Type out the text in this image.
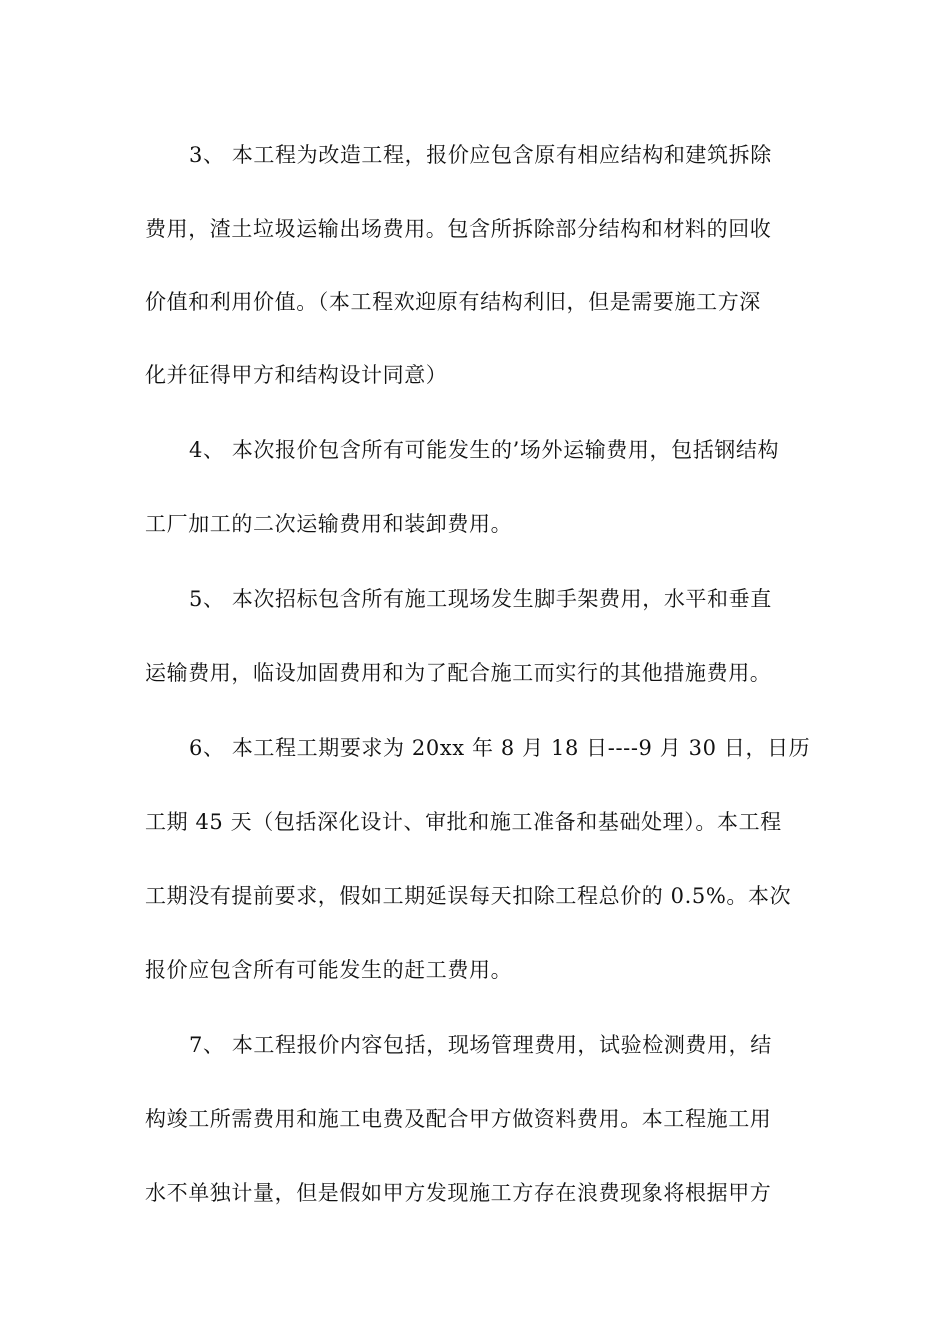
3、 本工程为改造工程，报价应包含原有相应结构和建筑拆除
费用，渣土垃圾运输出场费用。包含所拆除部分结构和材料的回收
价值和利用价值。（本工程欢迎原有结构利旧，但是需要施工方深
化并征得甲方和结构设计同意）
4、 本次报价包含所有可能发生的’场外运输费用，包括钢结构
工厂加工的二次运输费用和装卸费用。
5、 本次招标包含所有施工现场发生脚手架费用，水平和垂直
运输费用，临设加固费用和为了配合施工而实行的其他措施费用。
6、 本工程工期要求为 20xx 年 8 月 18 日----9 月 30 日，日历
工期 45 天（包括深化设计、审批和施工准备和基础处理）。本工程
工期没有提前要求，假如工期延误每天扣除工程总价的 0.5%。本次
报价应包含所有可能发生的赶工费用。
7、 本工程报价内容包括，现场管理费用，试验检测费用，结
构竣工所需费用和施工电费及配合甲方做资料费用。本工程施工用
水不单独计量，但是假如甲方发现施工方存在浪费现象将根据甲方
